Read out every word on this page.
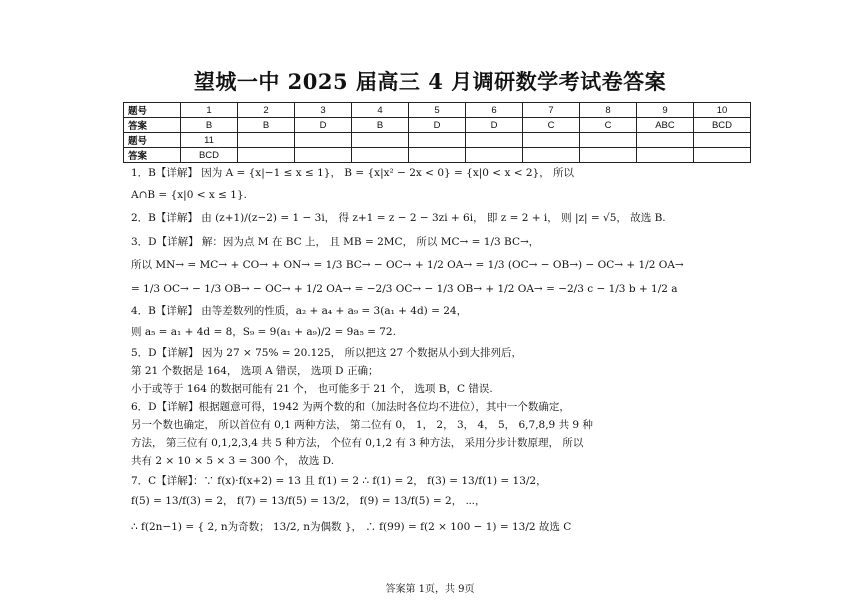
望城一中 2025 届高三 4 月调研数学考试卷答案
题号	1	2	3	4	5	6	7	8	9	10
答案	B	B	D	B	D	D	C	C	ABC	BCD
题号	11									
答案	BCD									
1．B【详解】 因为 A = {x|−1 ≤ x ≤ 1}， B = {x|x² − 2x < 0} = {x|0 < x < 2}， 所以
A∩B = {x|0 < x ≤ 1}.
2．B【详解】 由 (z+1)/(z−2) = 1 − 3i， 得 z+1 = z − 2 − 3zi + 6i， 即 z = 2 + i， 则 |z| = √5， 故选 B.
3．D【详解】 解：因为点 M 在 BC 上， 且 MB = 2MC， 所以 MC→ = 1/3 BC→，
所以 MN→ = MC→ + CO→ + ON→ = 1/3 BC→ − OC→ + 1/2 OA→ = 1/3 (OC→ − OB→) − OC→ + 1/2 OA→
= 1/3 OC→ − 1/3 OB→ − OC→ + 1/2 OA→ = −2/3 OC→ − 1/3 OB→ + 1/2 OA→ = −2/3 c − 1/3 b + 1/2 a
4．B【详解】 由等差数列的性质，a₂ + a₄ + a₉ = 3(a₁ + 4d) = 24，
则 a₅ = a₁ + 4d = 8，S₉ = 9(a₁ + a₉)/2 = 9a₅ = 72.
5．D【详解】 因为 27 × 75% = 20.125， 所以把这 27 个数据从小到大排列后，
第 21 个数据是 164， 选项 A 错误， 选项 D 正确；
小于或等于 164 的数据可能有 21 个， 也可能多于 21 个， 选项 B，C 错误.
6．D【详解】根据题意可得，1942 为两个数的和（加法时各位均不进位），其中一个数确定，
另一个数也确定， 所以首位有 0,1 两种方法， 第二位有 0， 1， 2， 3， 4， 5， 6,7,8,9 共 9 种
方法， 第三位有 0,1,2,3,4 共 5 种方法， 个位有 0,1,2 有 3 种方法， 采用分步计数原理， 所以
共有 2 × 10 × 5 × 3 = 300 个， 故选 D.
7．C【详解】：∵ f(x)·f(x+2) = 13 且 f(1) = 2 ∴ f(1) = 2， f(3) = 13/f(1) = 13/2，
f(5) = 13/f(3) = 2， f(7) = 13/f(5) = 13/2， f(9) = 13/f(5) = 2， ⋯，
∴ f(2n−1) = { 2, n为奇数； 13/2, n为偶数 }， ∴ f(99) = f(2 × 100 − 1) = 13/2 故选 C
答案第 1页，共 9页
